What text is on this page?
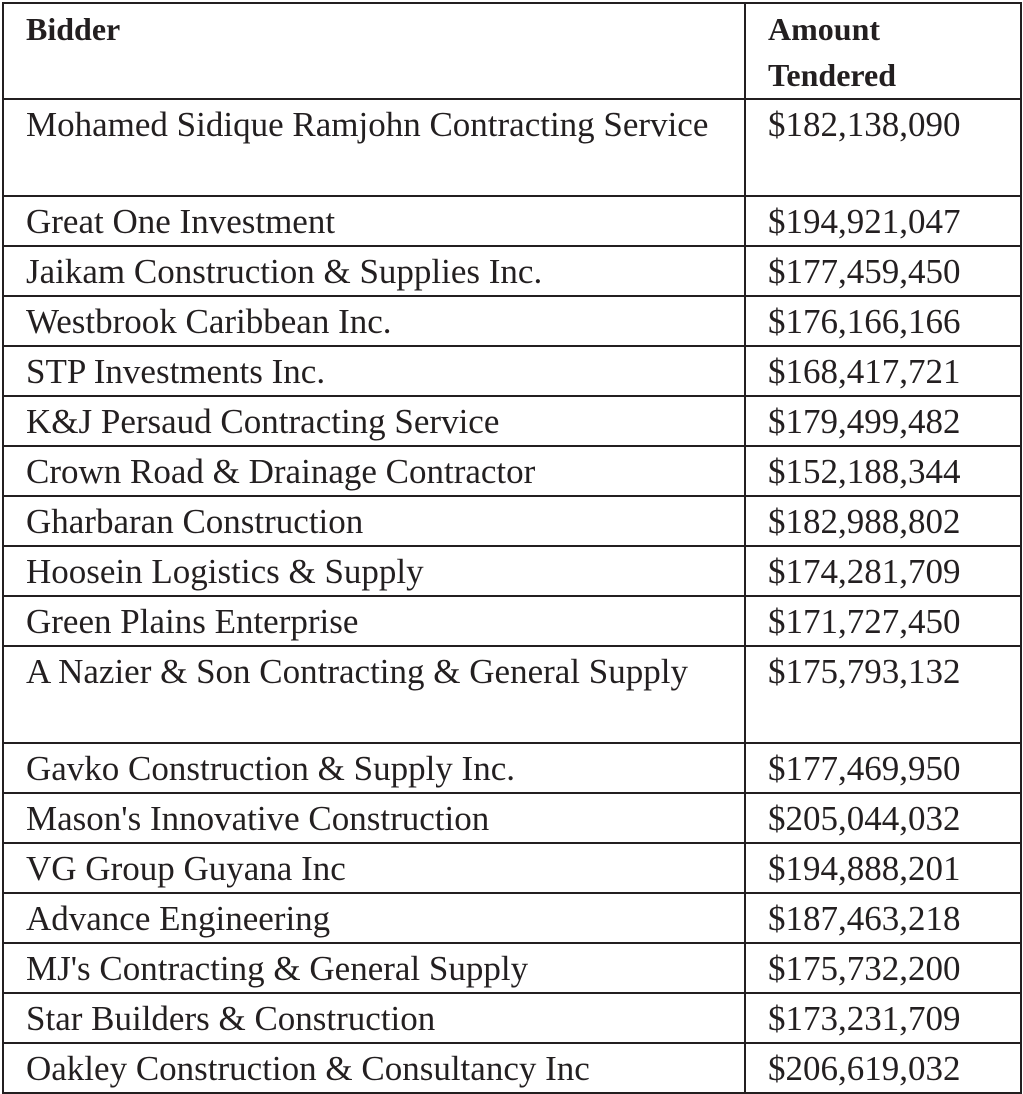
Bidder	Amount Tendered
Mohamed Sidique Ramjohn Contracting Service	$182,138,090
Great One Investment	$194,921,047
Jaikam Construction & Supplies Inc.	$177,459,450
Westbrook Caribbean Inc.	$176,166,166
STP Investments Inc.	$168,417,721
K&J Persaud Contracting Service	$179,499,482
Crown Road & Drainage Contractor	$152,188,344
Gharbaran Construction	$182,988,802
Hoosein Logistics & Supply	$174,281,709
Green Plains Enterprise	$171,727,450
A Nazier & Son Contracting & General Supply	$175,793,132
Gavko Construction & Supply Inc.	$177,469,950
Mason's Innovative Construction	$205,044,032
VG Group Guyana Inc	$194,888,201
Advance Engineering	$187,463,218
MJ's Contracting & General Supply	$175,732,200
Star Builders & Construction	$173,231,709
Oakley Construction & Consultancy Inc	$206,619,032
